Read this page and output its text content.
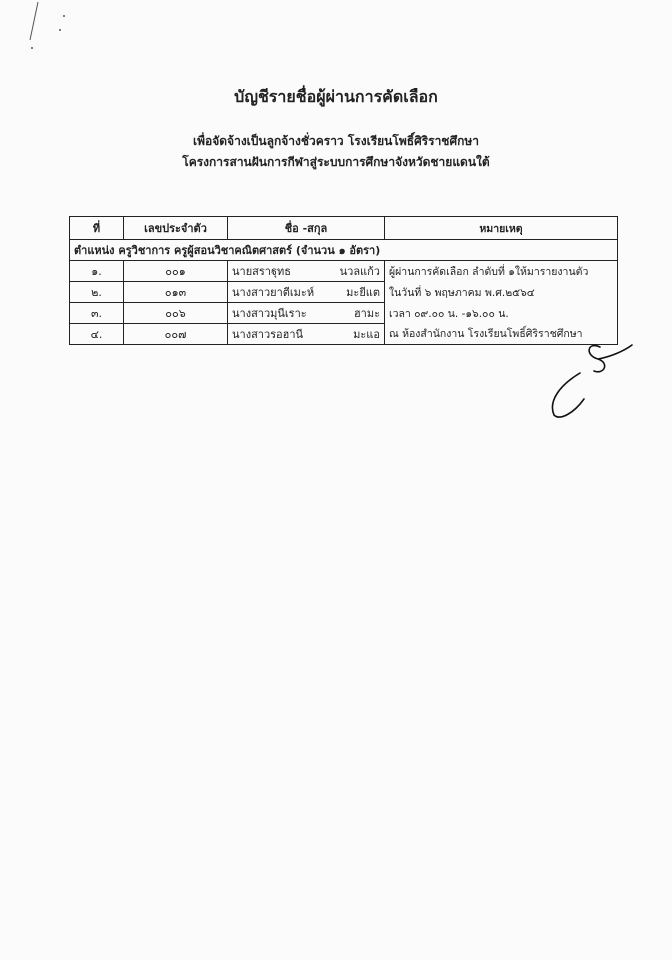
บัญชีรายชื่อผู้ผ่านการคัดเลือก
เพื่อจัดจ้างเป็นลูกจ้างชั่วคราว โรงเรียนโพธิ์ศิริราชศึกษา
โครงการสานฝันการกีฬาสู่ระบบการศึกษาจังหวัดชายแดนใต้
ที่	เลขประจำตัว	ชื่อ -สกุล	หมายเหตุ
ตำแหน่ง ครูวิชาการ ครูผู้สอนวิชาคณิตศาสตร์ (จำนวน ๑ อัตรา)			
๑.	๐๐๑	นายสราฐุทธ นวลแก้ว	ผู้ผ่านการคัดเลือก ลำดับที่ ๑ให้มารายงานตัว
๒.	๐๑๓	นางสาวยาตีเมะห์ มะยีแต	ในวันที่ ๖ พฤษภาคม พ.ศ.๒๕๖๔
๓.	๐๐๖	นางสาวมุนีเราะ ฮามะ	เวลา ๐๙.๐๐ น. -๑๖.๐๐ น.
๔.	๐๐๗	นางสาวรอฮานี มะแอ	ณ ห้องสำนักงาน โรงเรียนโพธิ์ศิริราชศึกษา
